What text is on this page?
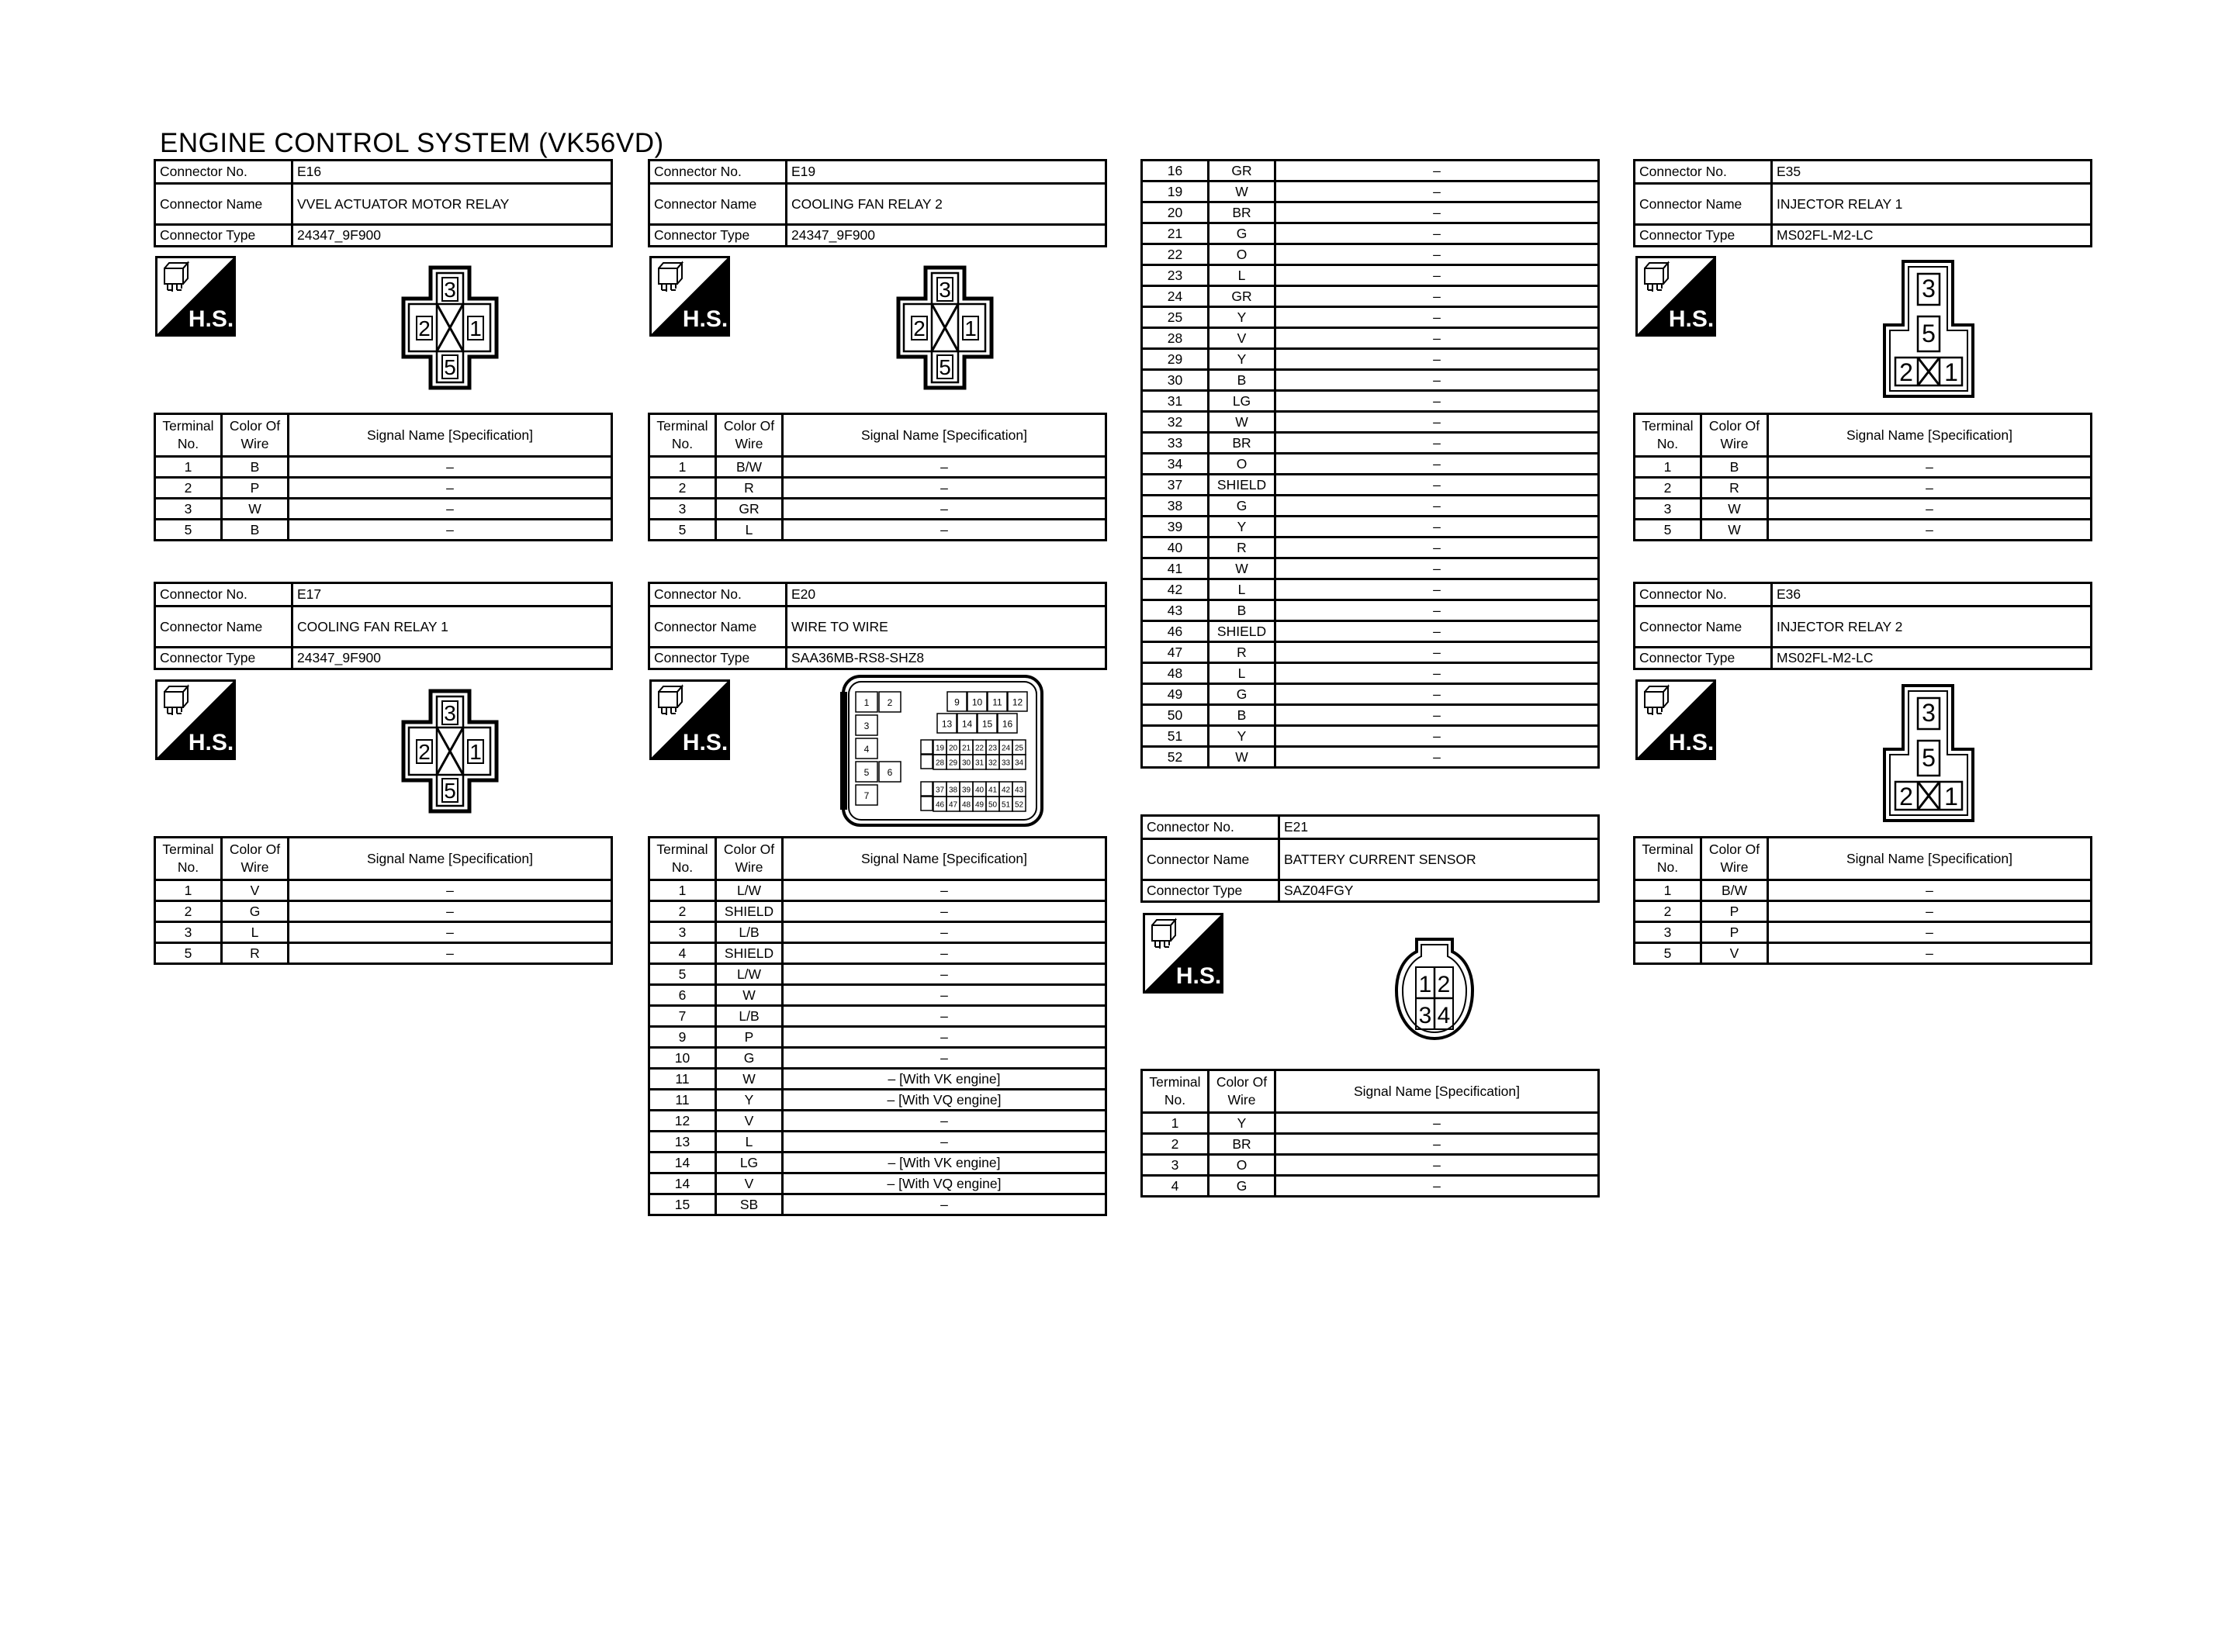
ENGINE CONTROL SYSTEM (VK56VD)
Connector No.	E16
Connector Name	VVEL ACTUATOR MOTOR RELAY
Connector Type	24347_9F900
H.S.
3
2 1
5
Terminal
No.	Color Of
Wire	Signal Name [Specification]
1	B	–
2	P	–
3	W	–
5	B	–
Connector No.	E17
Connector Name	COOLING FAN RELAY 1
Connector Type	24347_9F900
H.S.
3
2 1
5
Terminal
No.	Color Of
Wire	Signal Name [Specification]
1	V	–
2	G	–
3	L	–
5	R	–
Connector No.	E19
Connector Name	COOLING FAN RELAY 2
Connector Type	24347_9F900
H.S.
3
2 1
5
Terminal
No.	Color Of
Wire	Signal Name [Specification]
1	B/W	–
2	R	–
3	GR	–
5	L	–
Connector No.	E20
Connector Name	WIRE TO WIRE
Connector Type	SAA36MB-RS8-SHZ8
H.S.
1 2
3
4
5 6
7
9 10 11 12
13 14 15 16
19 20 21 22 23 24 25
28 29 30 31 32 33 34
37 38 39 40 41 42 43
46 47 48 49 50 51 52
Terminal
No.	Color Of
Wire	Signal Name [Specification]
1	L/W	–
2	SHIELD	–
3	L/B	–
4	SHIELD	–
5	L/W	–
6	W	–
7	L/B	–
9	P	–
10	G	–
11	W	– [With VK engine]
11	Y	– [With VQ engine]
12	V	–
13	L	–
14	LG	– [With VK engine]
14	V	– [With VQ engine]
15	SB	–
16	GR	–
19	W	–
20	BR	–
21	G	–
22	O	–
23	L	–
24	GR	–
25	Y	–
28	V	–
29	Y	–
30	B	–
31	LG	–
32	W	–
33	BR	–
34	O	–
37	SHIELD	–
38	G	–
39	Y	–
40	R	–
41	W	–
42	L	–
43	B	–
46	SHIELD	–
47	R	–
48	L	–
49	G	–
50	B	–
51	Y	–
52	W	–
Connector No.	E21
Connector Name	BATTERY CURRENT SENSOR
Connector Type	SAZ04FGY
H.S.	1 2
3 4
Terminal
No.	Color Of
Wire	Signal Name [Specification]
1	Y	–
2	BR	–
3	O	–
4	G	–
Connector No.	E35
Connector Name	INJECTOR RELAY 1
Connector Type	MS02FL-M2-LC
H.S.
3
5
2 1
Terminal
No.	Color Of
Wire	Signal Name [Specification]
1	B	–
2	R	–
3	W	–
5	W	–
Connector No.	E36
Connector Name	INJECTOR RELAY 2
Connector Type	MS02FL-M2-LC
H.S.
3
5
2 1
Terminal
No.	Color Of
Wire	Signal Name [Specification]
1	B/W	–
2	P	–
3	P	–
5	V	–
